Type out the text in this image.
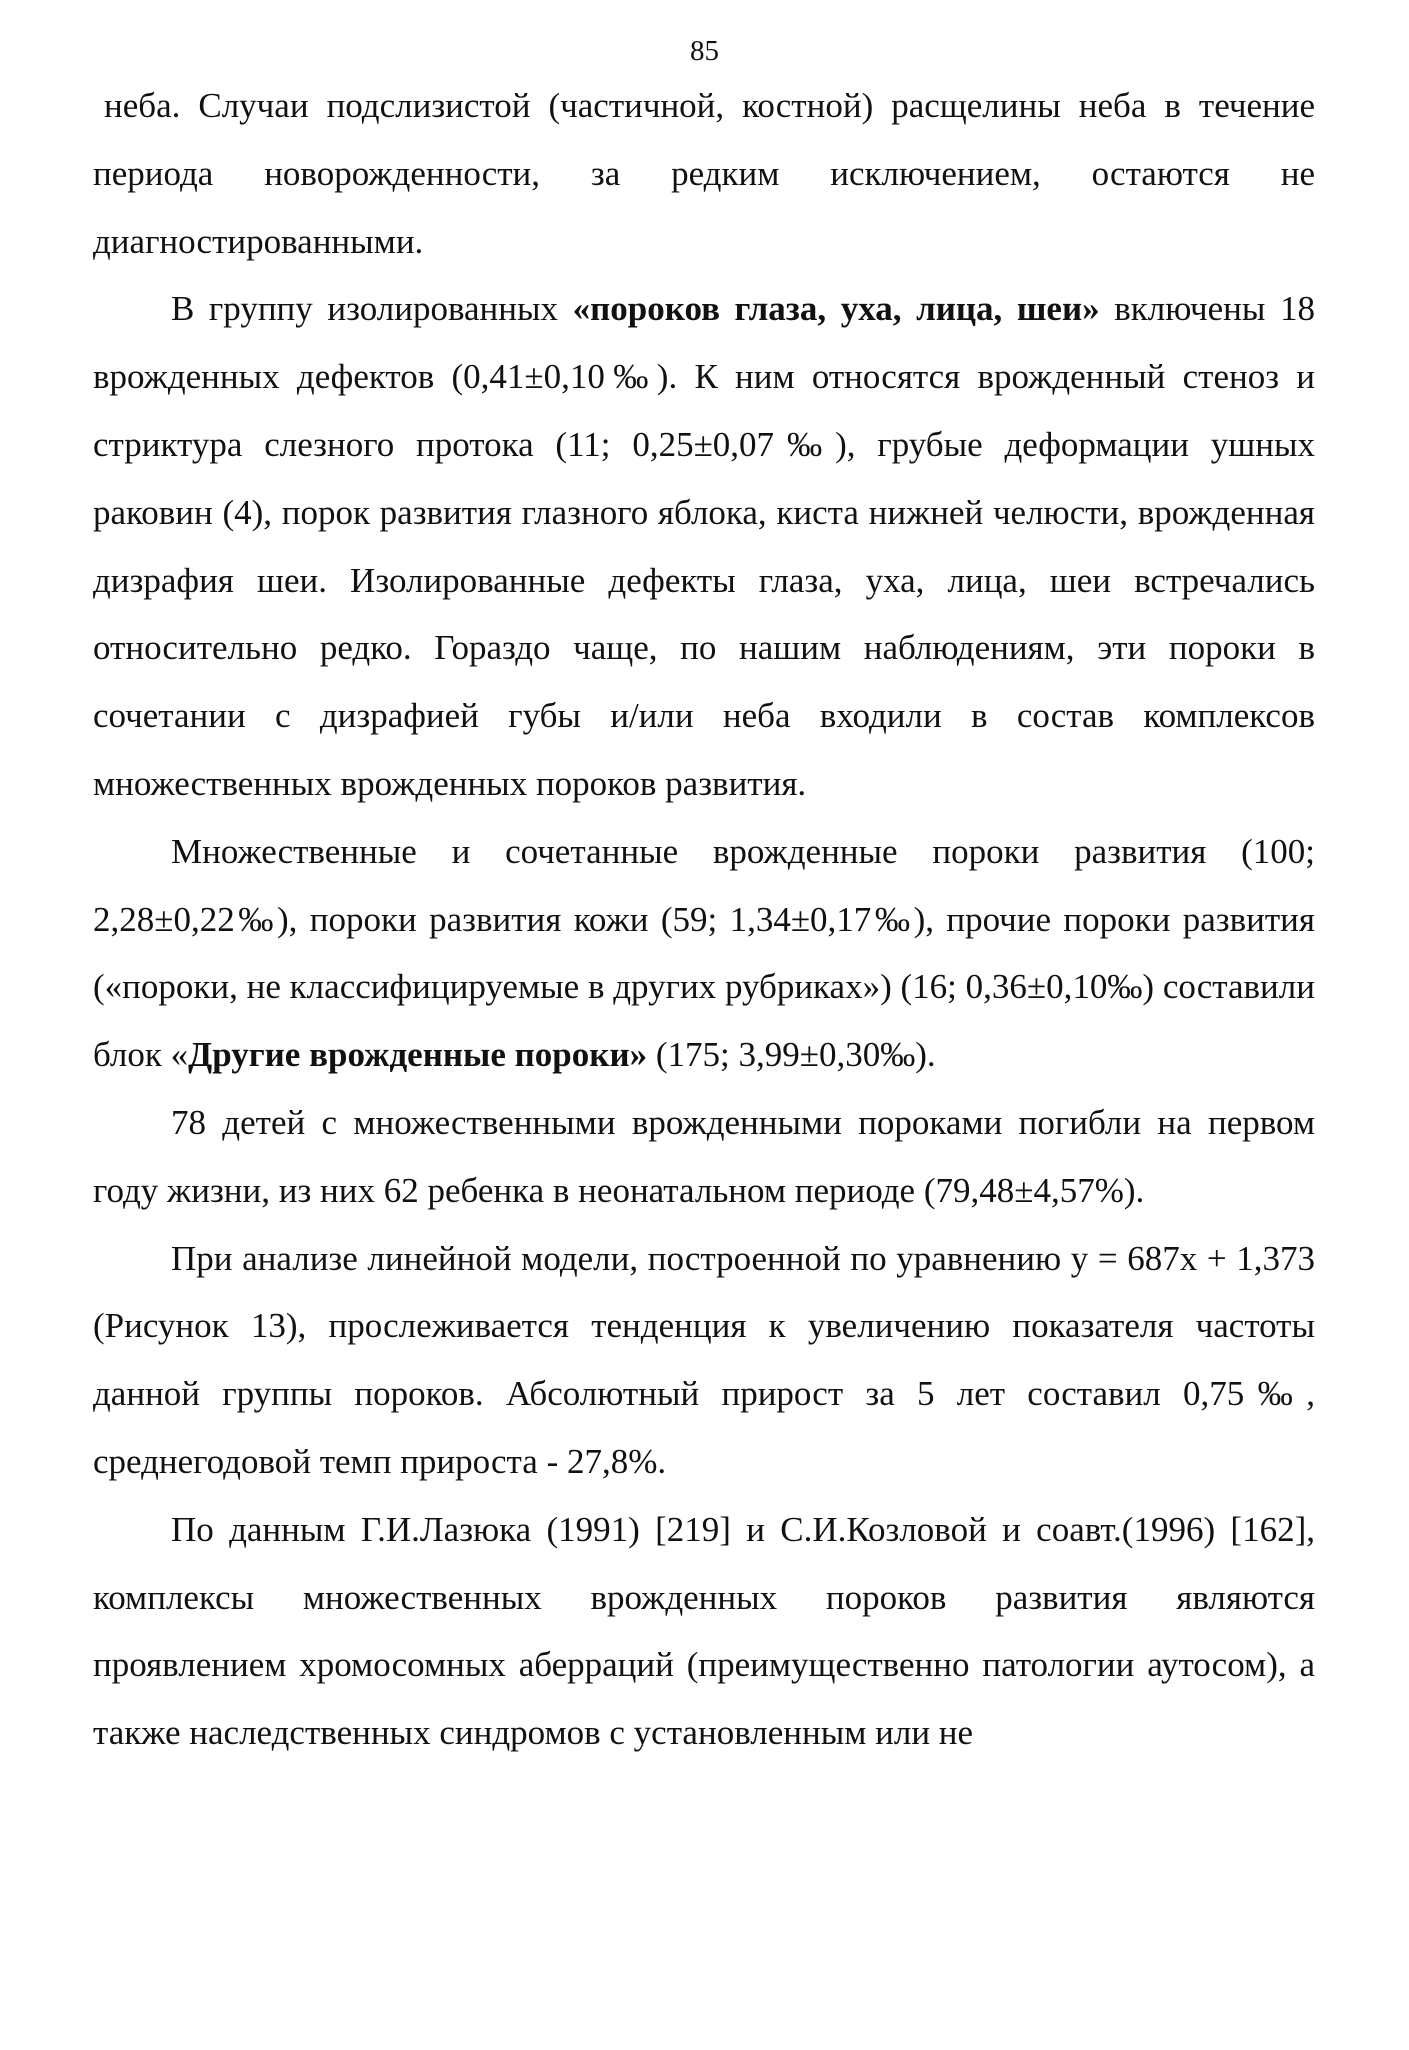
85

неба. Случаи подслизистой (частичной, костной) расщелины неба в течение периода новорожденности, за редким исключением, остаются не диагностированными.

В группу изолированных «пороков глаза, уха, лица, шеи» включены 18 врожденных дефектов (0,41±0,10‰). К ним относятся врожденный стеноз и стриктура слезного протока (11; 0,25±0,07‰), грубые деформации ушных раковин (4), порок развития глазного яблока, киста нижней челюсти, врожденная дизрафия шеи. Изолированные дефекты глаза, уха, лица, шеи встречались относительно редко. Гораздо чаще, по нашим наблюдениям, эти пороки в сочетании с дизрафией губы и/или неба входили в состав комплексов множественных врожденных пороков развития.

Множественные и сочетанные врожденные пороки развития (100; 2,28±0,22‰), пороки развития кожи (59; 1,34±0,17‰), прочие пороки развития («пороки, не классифицируемые в других рубриках») (16; 0,36±0,10‰) составили блок «Другие врожденные пороки» (175; 3,99±0,30‰).

78 детей с множественными врожденными пороками погибли на первом году жизни, из них 62 ребенка в неонатальном периоде (79,48±4,57%).

При анализе линейной модели, построенной по уравнению y = 687x + 1,373 (Рисунок 13), прослеживается тенденция к увеличению показателя частоты данной группы пороков. Абсолютный прирост за 5 лет составил 0,75‰, среднегодовой темп прироста - 27,8%.

По данным Г.И.Лазюка (1991) [219] и С.И.Козловой и соавт.(1996) [162], комплексы множественных врожденных пороков развития являются проявлением хромосомных аберраций (преимущественно патологии аутосом), а также наследственных синдромов с установленным или не
